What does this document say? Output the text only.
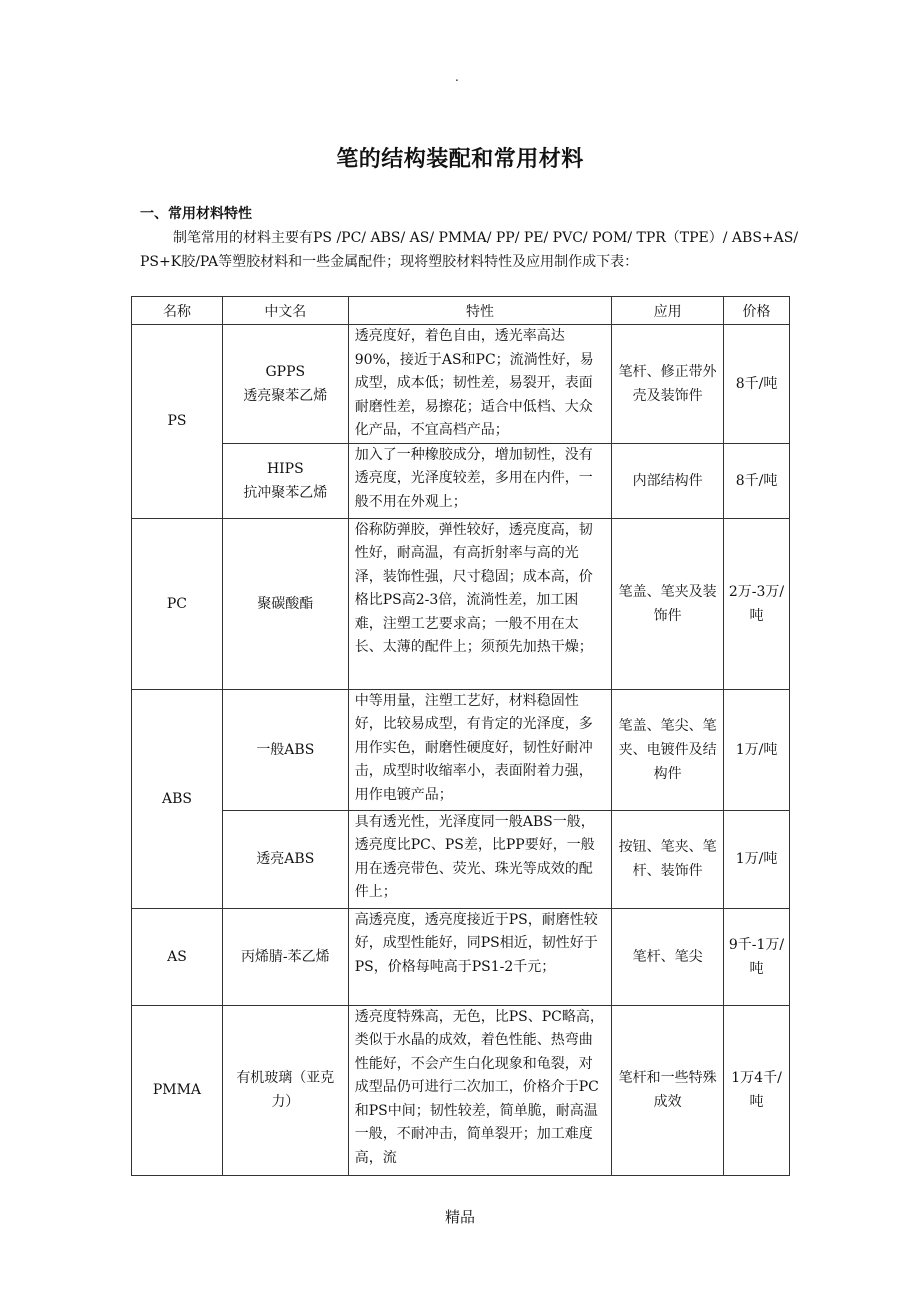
.
笔的结构装配和常用材料
一、常用材料特性

制笔常用的材料主要有PS /PC/ ABS/ AS/ PMMA/ PP/ PE/ PVC/ POM/ TPR（TPE）/ ABS+AS/

PS+K胶/PA等塑胶材料和一些金属配件；现将塑胶材料特性及应用制作成下表：

名称	中文名	特性	应用	价格
PS	GPPS
透亮聚苯乙烯	透亮度好，着色自由，透光率高达90%，接近于AS和PC；流淌性好，易成型，成本低；韧性差，易裂开，表面耐磨性差，易擦花；适合中低档、大众化产品，不宜高档产品；	笔杆、修正带外壳及装饰件	8千/吨

	HIPS
抗冲聚苯乙烯	加入了一种橡胶成分，增加韧性，没有透亮度，光泽度较差，多用在内件，一般不用在外观上；	内部结构件	8千/吨
PC	聚碳酸酯	俗称防弹胶，弹性较好，透亮度高，韧性好，耐高温，有高折射率与高的光泽，装饰性强，尺寸稳固；成本高，价格比PS高2-3倍，流淌性差，加工困难，注塑工艺要求高；一般不用在太长、太薄的配件上；须预先加热干燥；	笔盖、笔夹及装饰件	2万-3万/吨
ABS	一般ABS	中等用量，注塑工艺好，材料稳固性好，比较易成型，有肯定的光泽度，多用作实色，耐磨性硬度好，韧性好耐冲击，成型时收缩率小，表面附着力强，用作电镀产品；	笔盖、笔尖、笔夹、电镀件及结构件	1万/吨
	透亮ABS	具有透光性，光泽度同一般ABS一般，透亮度比PC、PS差，比PP要好，一般用在透亮带色、荧光、珠光等成效的配件上；	按钮、笔夹、笔杆、装饰件	1万/吨
AS	丙烯腈-苯乙烯	高透亮度，透亮度接近于PS，耐磨性较好，成型性能好，同PS相近，韧性好于PS，价格每吨高于PS1-2千元；	笔杆、笔尖	9千-1万/吨
PMMA	有机玻璃（亚克力）	透亮度特殊高，无色，比PS、PC略高，类似于水晶的成效，着色性能、热弯曲性能好，不会产生白化现象和龟裂，对成型品仍可进行二次加工，价格介于PC和PS中间；韧性较差，简单脆，耐高温一般，不耐冲击，简单裂开；加工难度高，流	笔杆和一些特殊成效	1万4千/吨
精品
